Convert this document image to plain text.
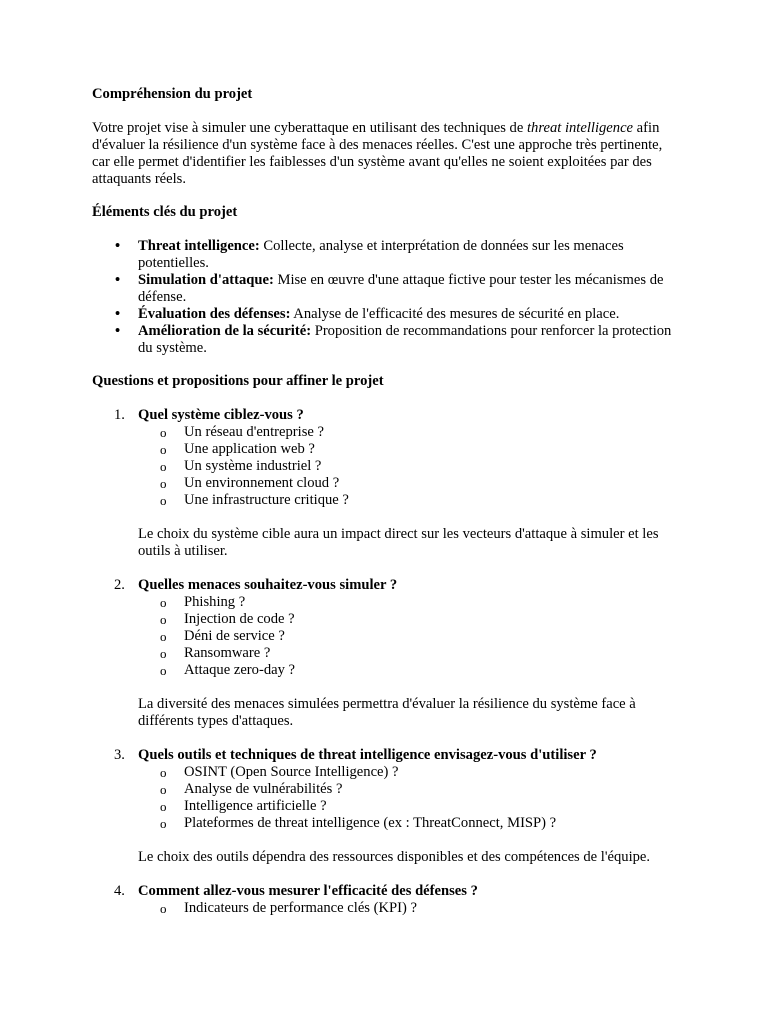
Compréhension du projet

Votre projet vise à simuler une cyberattaque en utilisant des techniques de threat intelligence afin d'évaluer la résilience d'un système face à des menaces réelles. C'est une approche très pertinente, car elle permet d'identifier les faiblesses d'un système avant qu'elles ne soient exploitées par des attaquants réels.

Éléments clés du projet

• Threat intelligence: Collecte, analyse et interprétation de données sur les menaces potentielles.
• Simulation d'attaque: Mise en œuvre d'une attaque fictive pour tester les mécanismes de défense.
• Évaluation des défenses: Analyse de l'efficacité des mesures de sécurité en place.
• Amélioration de la sécurité: Proposition de recommandations pour renforcer la protection du système.

Questions et propositions pour affiner le projet

1. Quel système ciblez-vous ?
o Un réseau d'entreprise ?
o Une application web ?
o Un système industriel ?
o Un environnement cloud ?
o Une infrastructure critique ?

Le choix du système cible aura un impact direct sur les vecteurs d'attaque à simuler et les outils à utiliser.

2. Quelles menaces souhaitez-vous simuler ?
o Phishing ?
o Injection de code ?
o Déni de service ?
o Ransomware ?
o Attaque zero-day ?

La diversité des menaces simulées permettra d'évaluer la résilience du système face à différents types d'attaques.

3. Quels outils et techniques de threat intelligence envisagez-vous d'utiliser ?
o OSINT (Open Source Intelligence) ?
o Analyse de vulnérabilités ?
o Intelligence artificielle ?
o Plateformes de threat intelligence (ex : ThreatConnect, MISP) ?

Le choix des outils dépendra des ressources disponibles et des compétences de l'équipe.

4. Comment allez-vous mesurer l'efficacité des défenses ?
o Indicateurs de performance clés (KPI) ?
